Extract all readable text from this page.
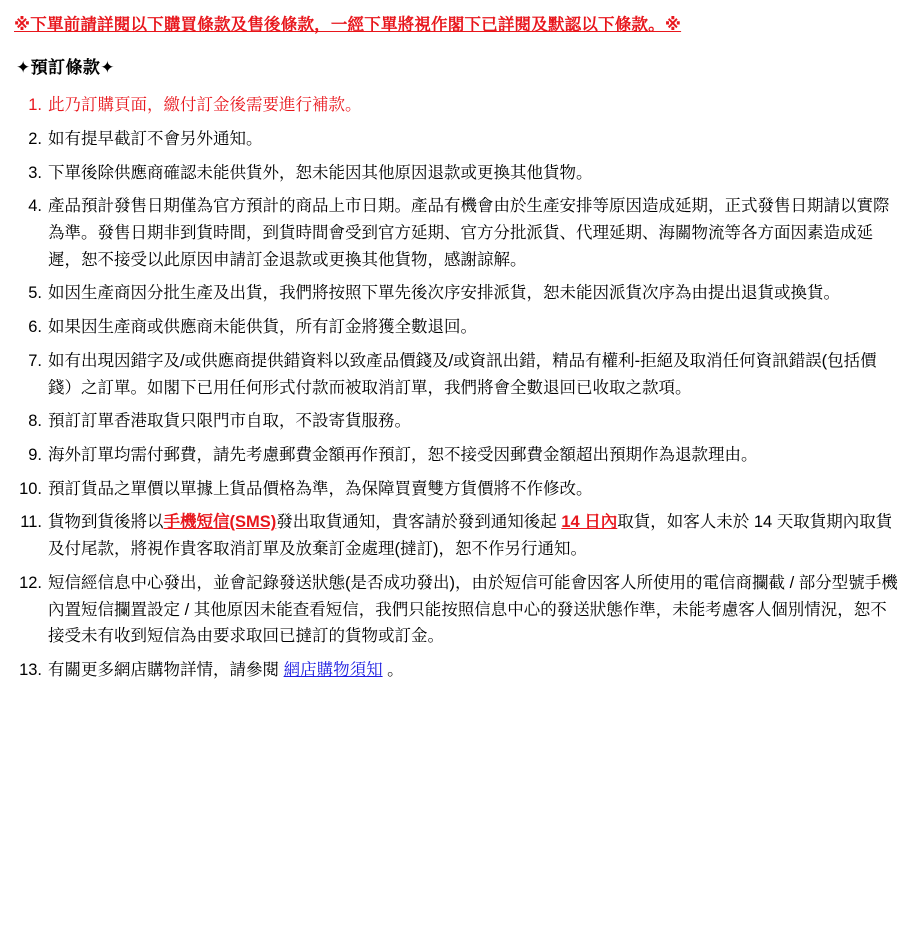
※下單前請詳閱以下購買條款及售後條款，一經下單將視作閣下已詳閱及默認以下條款。※
✦預訂條款✦
1. 此乃訂購頁面，繳付訂金後需要進行補款。
2. 如有提早截訂不會另外通知。
3. 下單後除供應商確認未能供貨外，恕未能因其他原因退款或更換其他貨物。
4. 產品預計發售日期僅為官方預計的商品上市日期。產品有機會由於生產安排等原因造成延期，正式發售日期請以實際為準。發售日期非到貨時間，到貨時間會受到官方延期、官方分批派貨、代理延期、海關物流等各方面因素造成延遲，恕不接受以此原因申請訂金退款或更換其他貨物，感謝諒解。
5. 如因生產商因分批生產及出貨，我們將按照下單先後次序安排派貨，恕未能因派貨次序為由提出退貨或換貨。
6. 如果因生產商或供應商未能供貨，所有訂金將獲全數退回。
7. 如有出現因錯字及/或供應商提供錯資料以致產品價錢及/或資訊出錯，精品有權利-拒絕及取消任何資訊錯誤(包括價錢）之訂單。如閣下已用任何形式付款而被取消訂單，我們將會全數退回已收取之款項。
8. 預訂訂單香港取貨只限門市自取，不設寄貨服務。
9. 海外訂單均需付郵費，請先考慮郵費金額再作預訂，恕不接受因郵費金額超出預期作為退款理由。
10. 預訂貨品之單價以單據上貨品價格為準，為保障買賣雙方貨價將不作修改。
11. 貨物到貨後將以手機短信(SMS)發出取貨通知，貴客請於發到通知後起 14 日內取貨，如客人未於 14 天取貨期內取貨及付尾款，將視作貴客取消訂單及放棄訂金處理(撻訂)，恕不作另行通知。
12. 短信經信息中心發出，並會記錄發送狀態(是否成功發出)，由於短信可能會因客人所使用的電信商攔截 / 部分型號手機內置短信攔置設定 / 其他原因未能查看短信，我們只能按照信息中心的發送狀態作準，未能考慮客人個別情況，恕不接受未有收到短信為由要求取回已撻訂的貨物或訂金。
13. 有關更多網店購物詳情，請參閱 網店購物須知 。
